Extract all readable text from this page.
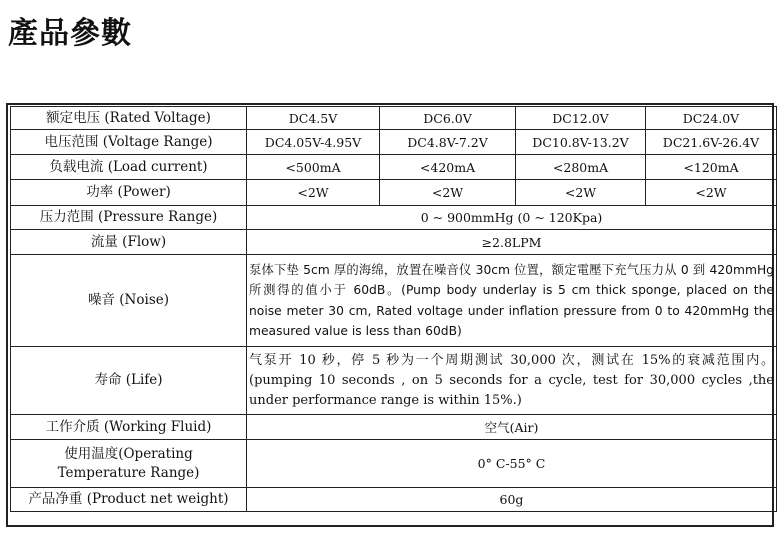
產品參數
额定电压 (Rated Voltage)	DC4.5V	DC6.0V	DC12.0V	DC24.0V
电压范围 (Voltage Range)	DC4.05V-4.95V	DC4.8V-7.2V	DC10.8V-13.2V	DC21.6V-26.4V
负载电流 (Load current)	<500mA	<420mA	<280mA	<120mA
功率 (Power)	<2W	<2W	<2W	<2W
压力范围 (Pressure Range)	0 ~ 900mmHg (0 ~ 120Kpa)			
流量 (Flow)	≥2.8LPM			
噪音 (Noise)	泵体下垫 5cm 厚的海绵，放置在噪音仪 30cm 位置，额定電壓下充气压力从 0 到 420mmHg 所测得的值小于 60dB。(Pump body underlay is 5 cm thick sponge, placed on the noise meter 30 cm, Rated voltage under inflation pressure from 0 to 420mmHg the measured value is less than 60dB)			
寿命 (Life)	气泵开 10 秒，停 5 秒为一个周期测试 30,000 次，测试在 15%的衰减范围内。 (pumping 10 seconds , on 5 seconds for a cycle, test for 30,000 cycles ,the under performance range is within 15%.)			
工作介质 (Working Fluid)	空气(Air)			

使用温度(Operating
Temperature Range)	0° C-55° C			
产品净重 (Product net weight)	60g			
